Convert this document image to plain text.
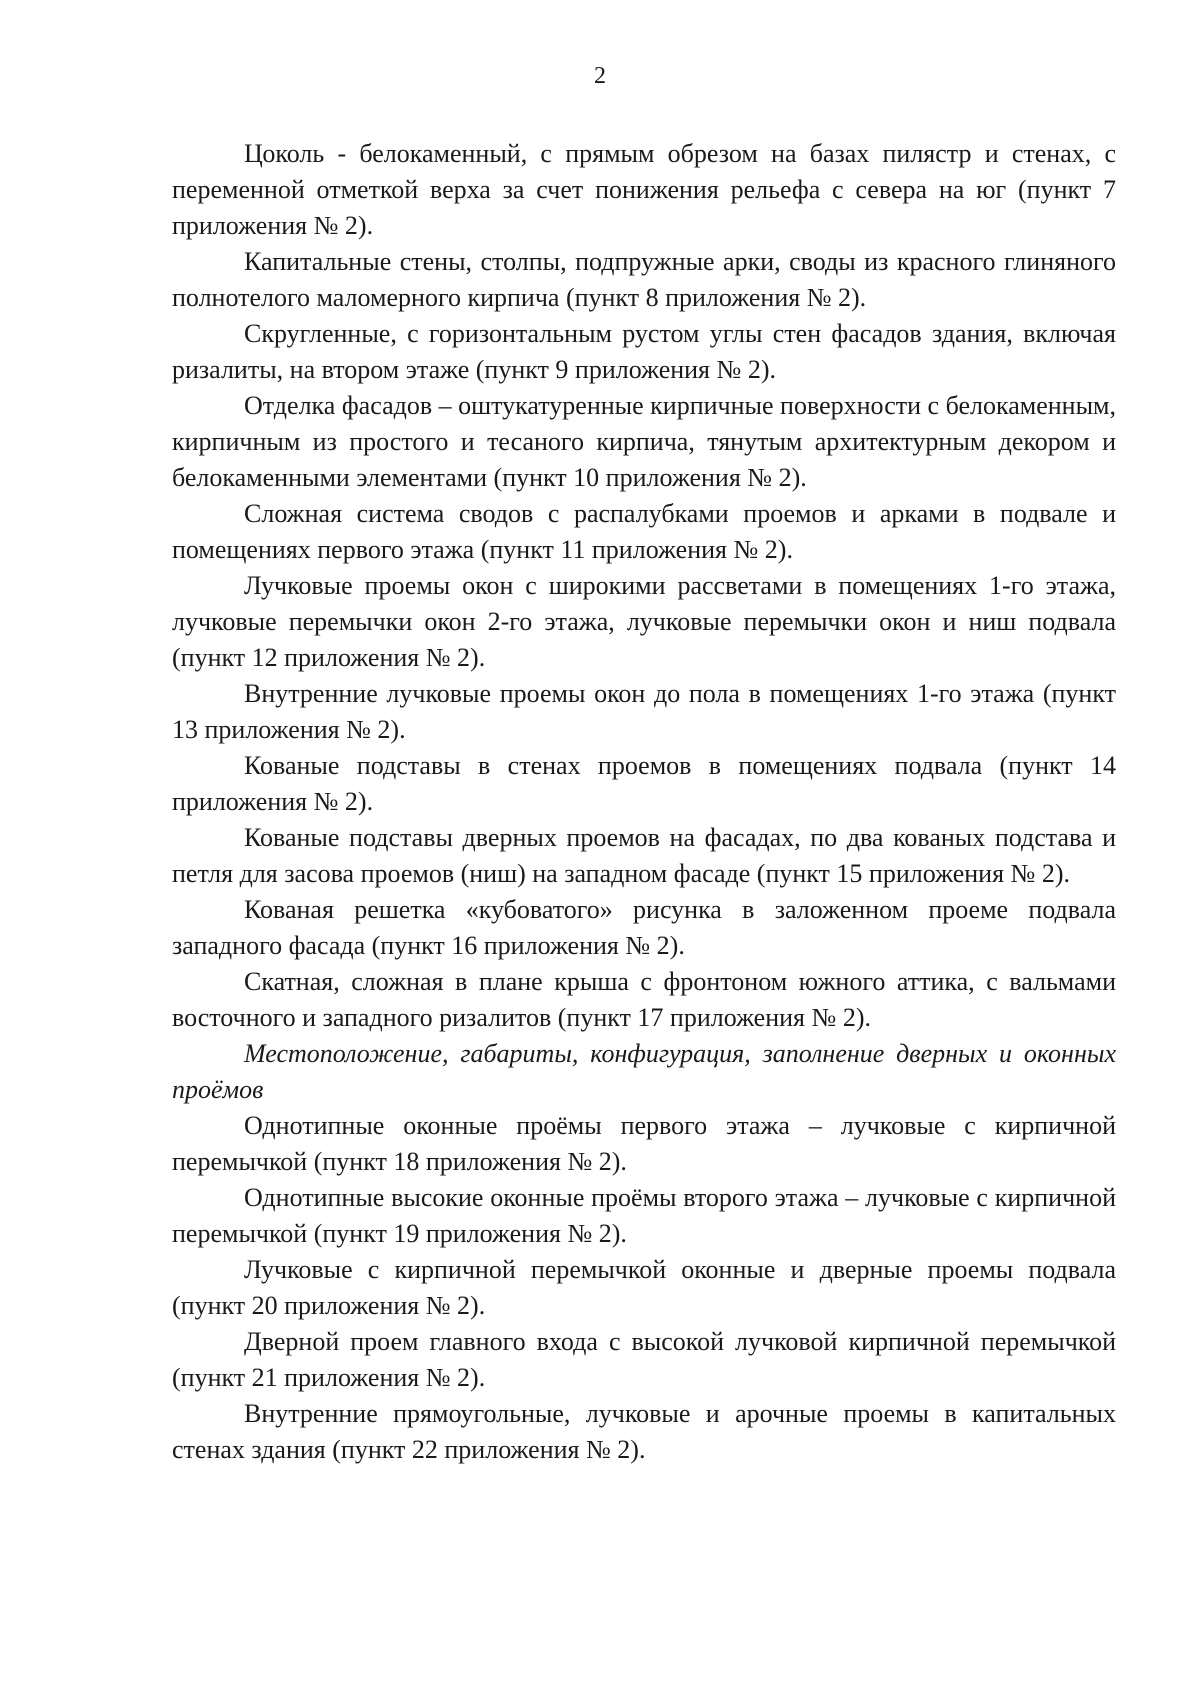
2

Цоколь - белокаменный, с прямым обрезом на базах пилястр и стенах, с переменной отметкой верха за счет понижения рельефа с севера на юг (пункт 7 приложения № 2).

Капитальные стены, столпы, подпружные арки, своды из красного глиняного полнотелого маломерного кирпича (пункт 8 приложения № 2).

Скругленные, с горизонтальным рустом углы стен фасадов здания, включая ризалиты, на втором этаже (пункт 9 приложения № 2).

Отделка фасадов – оштукатуренные кирпичные поверхности с белокаменным, кирпичным из простого и тесаного кирпича, тянутым архитектурным декором и белокаменными элементами (пункт 10 приложения № 2).

Сложная система сводов с распалубками проемов и арками в подвале и помещениях первого этажа (пункт 11 приложения № 2).

Лучковые проемы окон с широкими рассветами в помещениях 1-го этажа, лучковые перемычки окон 2-го этажа, лучковые перемычки окон и ниш подвала (пункт 12 приложения № 2).

Внутренние лучковые проемы окон до пола в помещениях 1-го этажа (пункт 13 приложения № 2).

Кованые подставы в стенах проемов в помещениях подвала (пункт 14 приложения № 2).

Кованые подставы дверных проемов на фасадах, по два кованых подстава и петля для засова проемов (ниш) на западном фасаде (пункт 15 приложения № 2).

Кованая решетка «кубоватого» рисунка в заложенном проеме подвала западного фасада (пункт 16 приложения № 2).

Скатная, сложная в плане крыша с фронтоном южного аттика, с вальмами восточного и западного ризалитов (пункт 17 приложения № 2).

Местоположение, габариты, конфигурация, заполнение дверных и оконных проёмов

Однотипные оконные проёмы первого этажа – лучковые с кирпичной перемычкой (пункт 18 приложения № 2).

Однотипные высокие оконные проёмы второго этажа – лучковые с кирпичной перемычкой (пункт 19 приложения № 2).

Лучковые с кирпичной перемычкой оконные и дверные проемы подвала (пункт 20 приложения № 2).

Дверной проем главного входа с высокой лучковой кирпичной перемычкой (пункт 21 приложения № 2).

Внутренние прямоугольные, лучковые и арочные проемы в капитальных стенах здания (пункт 22 приложения № 2).
